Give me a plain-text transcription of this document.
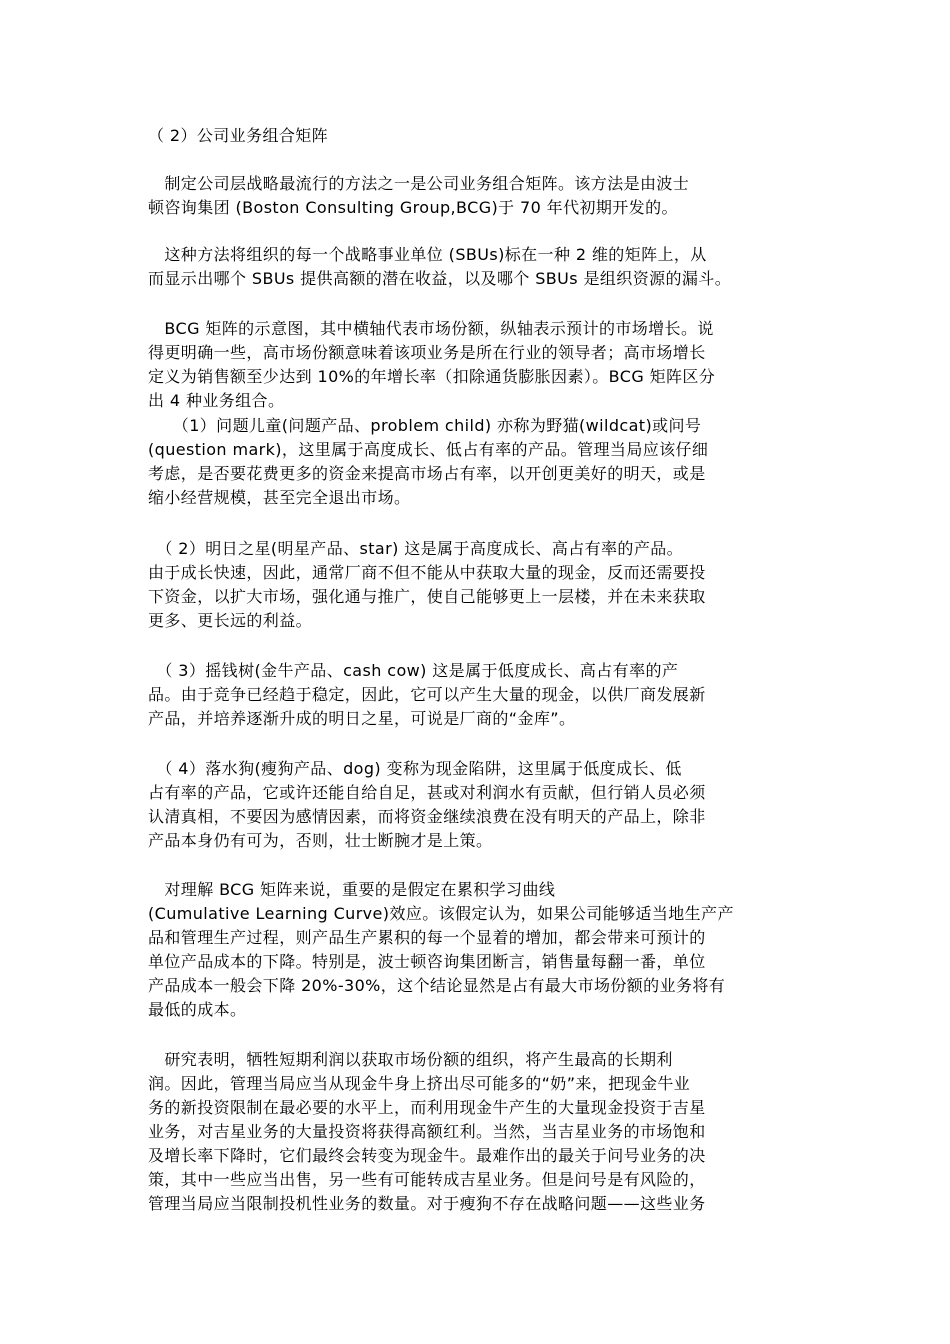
（ 2）公司业务组合矩阵

　制定公司层战略最流行的方法之一是公司业务组合矩阵。该方法是由波士
顿咨询集团 (Boston Consulting Group,BCG)于 70 年代初期开发的。

　这种方法将组织的每一个战略事业单位 (SBUs)标在一种 2 维的矩阵上，从
而显示出哪个 SBUs 提供高额的潜在收益，以及哪个 SBUs 是组织资源的漏斗。

　BCG 矩阵的示意图，其中横轴代表市场份额，纵轴表示预计的市场增长。说
得更明确一些，高市场份额意味着该项业务是所在行业的领导者；高市场增长
定义为销售额至少达到 10%的年增长率（扣除通货膨胀因素）。BCG 矩阵区分
出 4 种业务组合。

　　（1）问题儿童(问题产品、problem child) 亦称为野猫(wildcat)或问号
(question mark)，这里属于高度成长、低占有率的产品。管理当局应该仔细
考虑，是否要花费更多的资金来提高市场占有率，以开创更美好的明天，或是
缩小经营规模，甚至完全退出市场。

　（ 2）明日之星(明星产品、star) 这是属于高度成长、高占有率的产品。
由于成长快速，因此，通常厂商不但不能从中获取大量的现金，反而还需要投
下资金，以扩大市场，强化通与推广，使自己能够更上一层楼，并在未来获取
更多、更长远的利益。

　（ 3）摇钱树(金牛产品、cash cow) 这是属于低度成长、高占有率的产
品。由于竞争已经趋于稳定，因此，它可以产生大量的现金，以供厂商发展新
产品，并培养逐渐升成的明日之星，可说是厂商的“金库”。

　（ 4）落水狗(瘦狗产品、dog) 变称为现金陷阱，这里属于低度成长、低
占有率的产品，它或许还能自给自足，甚或对利润水有贡献，但行销人员必须
认清真相，不要因为感情因素，而将资金继续浪费在没有明天的产品上，除非
产品本身仍有可为，否则，壮士断腕才是上策。

　对理解 BCG 矩阵来说，重要的是假定在累积学习曲线
(Cumulative Learning Curve)效应。该假定认为，如果公司能够适当地生产产
品和管理生产过程，则产品生产累积的每一个显着的增加，都会带来可预计的
单位产品成本的下降。特别是，波士顿咨询集团断言，销售量每翻一番，单位
产品成本一般会下降 20%-30%，这个结论显然是占有最大市场份额的业务将有
最低的成本。

　研究表明，牺牲短期利润以获取市场份额的组织，将产生最高的长期利
润。因此，管理当局应当从现金牛身上挤出尽可能多的“奶”来，把现金牛业
务的新投资限制在最必要的水平上，而利用现金牛产生的大量现金投资于吉星
业务，对吉星业务的大量投资将获得高额红利。当然，当吉星业务的市场饱和
及增长率下降时，它们最终会转变为现金牛。最难作出的最关于问号业务的决
策，其中一些应当出售，另一些有可能转成吉星业务。但是问号是有风险的，
管理当局应当限制投机性业务的数量。对于瘦狗不存在战略问题——这些业务
